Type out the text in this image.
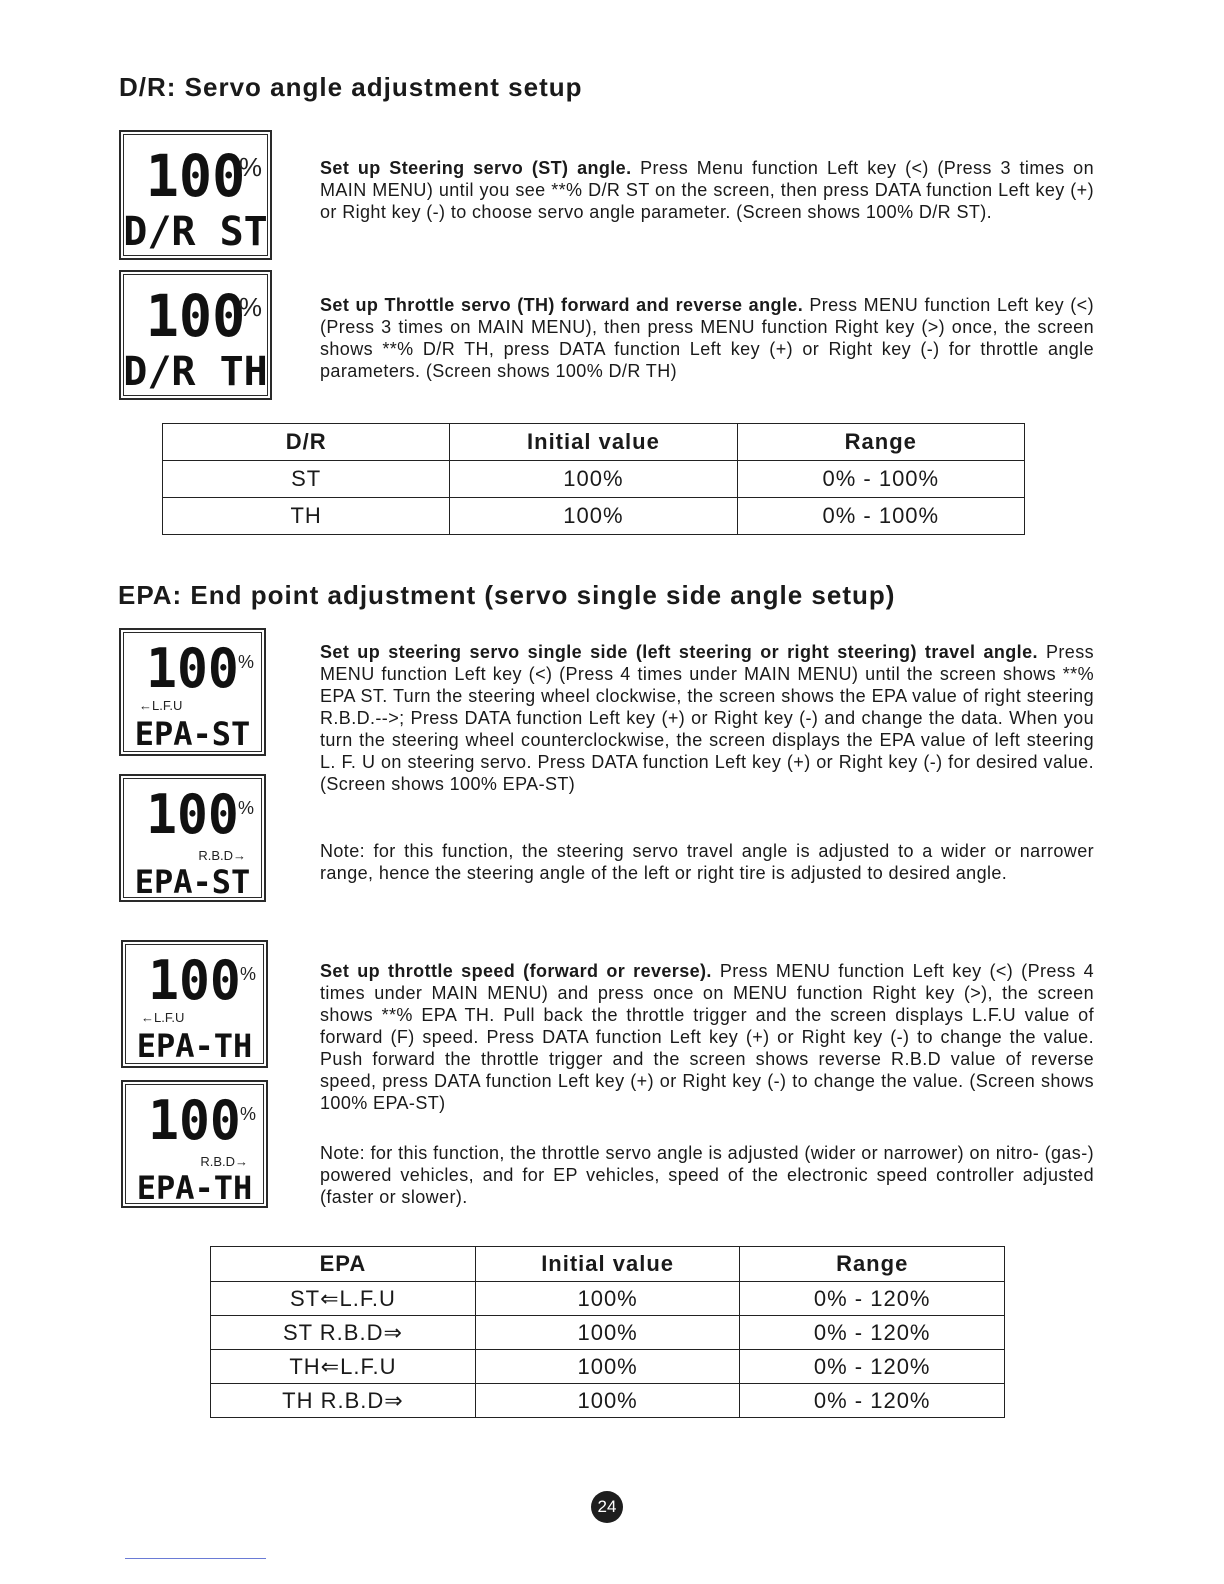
D/R: Servo angle adjustment setup
100
%
D/R ST
100
%
D/R TH

Set up Steering servo (ST) angle. Press Menu function Left key (<) (Press 3 times on MAIN MENU) until you see **% D/R ST on the screen, then press DATA function Left key (+) or Right key (-) to choose servo angle parameter. (Screen shows 100% D/R ST).

Set up Throttle servo (TH) forward and reverse angle. Press MENU function Left key (<) (Press 3 times on MAIN MENU), then press MENU function Right key (>) once, the screen shows **% D/R TH, press DATA function Left key (+) or Right key (-) for throttle angle parameters. (Screen shows 100% D/R TH)

D/R	Initial value	Range
ST	100%	0% - 100%
TH	100%	0% - 100%
EPA: End point adjustment (servo single side angle setup)
100 %
←L.F.U
EPA-ST
100 %
R.B.D→
EPA-ST
100 %
←L.F.U
EPA-TH
100 %
R.B.D→
EPA-TH

Set up steering servo single side (left steering or right steering) travel angle. Press MENU function Left key (<) (Press 4 times under MAIN MENU) until the screen shows **% EPA ST. Turn the steering wheel clockwise, the screen shows the EPA value of right steering R.B.D.-->; Press DATA function Left key (+) or Right key (-) and change the data. When you turn the steering wheel counterclockwise, the screen displays the EPA value of left steering L. F. U on steering servo. Press DATA function Left key (+) or Right key (-) for desired value. (Screen shows 100% EPA-ST)

Note: for this function, the steering servo travel angle is adjusted to a wider or narrower range, hence the steering angle of the left or right tire is adjusted to desired angle.

Set up throttle speed (forward or reverse). Press MENU function Left key (<) (Press 4 times under MAIN MENU) and press once on MENU function Right key (>), the screen shows **% EPA TH. Pull back the throttle trigger and the screen displays L.F.U value of forward (F) speed. Press DATA function Left key (+) or Right key (-) to change the value. Push forward the throttle trigger and the screen shows reverse R.B.D value of reverse speed, press DATA function Left key (+) or Right key (-) to change the value. (Screen shows 100% EPA-ST)

Note: for this function, the throttle servo angle is adjusted (wider or narrower) on nitro- (gas-) powered vehicles, and for EP vehicles, speed of the electronic speed controller adjusted (faster or slower).

EPA	Initial value	Range
ST⇐L.F.U	100%	0% - 120%
ST R.B.D⇒	100%	0% - 120%
TH⇐L.F.U	100%	0% - 120%
TH R.B.D⇒	100%	0% - 120%
24
